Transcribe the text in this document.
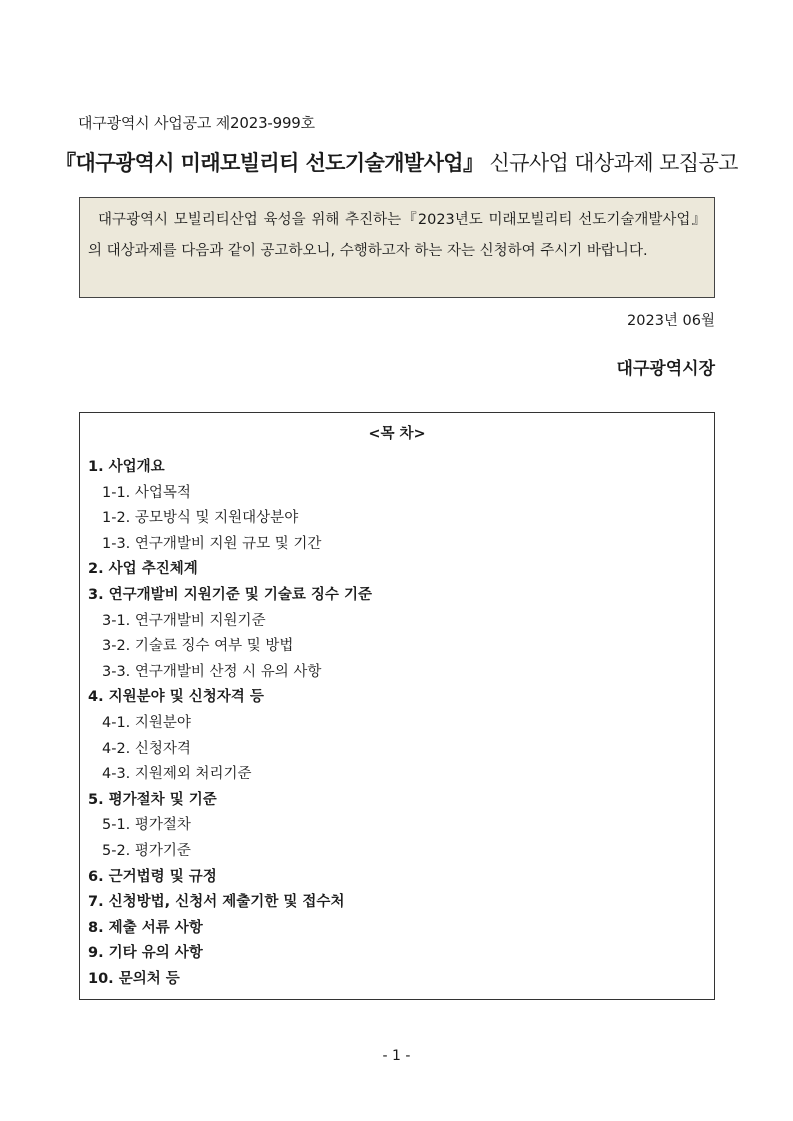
대구광역시 사업공고 제2023-999호
『대구광역시 미래모빌리티 선도기술개발사업』 신규사업 대상과제 모집공고
대구광역시 모빌리티산업 육성을 위해 추진하는『2023년도 미래모빌리티 선도기술개발사업』의 대상과제를 다음과 같이 공고하오니, 수행하고자 하는 자는 신청하여 주시기 바랍니다.
2023년 06월
대구광역시장
<목 차>
1. 사업개요
1-1. 사업목적
1-2. 공모방식 및 지원대상분야
1-3. 연구개발비 지원 규모 및 기간
2. 사업 추진체계
3. 연구개발비 지원기준 및 기술료 징수 기준
3-1. 연구개발비 지원기준
3-2. 기술료 징수 여부 및 방법
3-3. 연구개발비 산정 시 유의 사항
4. 지원분야 및 신청자격 등
4-1. 지원분야
4-2. 신청자격
4-3. 지원제외 처리기준
5. 평가절차 및 기준
5-1. 평가절차
5-2. 평가기준
6. 근거법령 및 규정
7. 신청방법, 신청서 제출기한 및 접수처
8. 제출 서류 사항
9. 기타 유의 사항
10. 문의처 등
- 1 -
